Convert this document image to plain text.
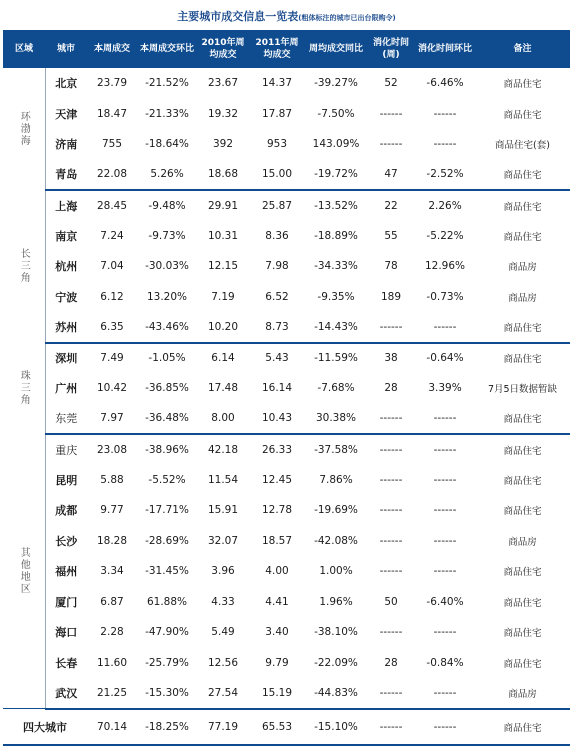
主要城市成交信息一览表(粗体标注的城市已出台限购令)
区域	城市	本周成交	本周成交环比	2010年周均成交	2011年周均成交	周均成交同比	消化时间(周)	消化时间环比	备注
环渤海	北京	23.79	-21.52%	23.67	14.37	-39.27%	52	-6.46%	商品住宅
	天津	18.47	-21.33%	19.32	17.87	-7.50%	------	------	商品住宅
	济南	755	-18.64%	392	953	143.09%	------	------	商品住宅(套)
	青岛	22.08	5.26%	18.68	15.00	-19.72%	47	-2.52%	商品住宅
长三角	上海	28.45	-9.48%	29.91	25.87	-13.52%	22	2.26%	商品住宅
	南京	7.24	-9.73%	10.31	8.36	-18.89%	55	-5.22%	商品住宅
	杭州	7.04	-30.03%	12.15	7.98	-34.33%	78	12.96%	商品房
	宁波	6.12	13.20%	7.19	6.52	-9.35%	189	-0.73%	商品房
	苏州	6.35	-43.46%	10.20	8.73	-14.43%	------	------	商品住宅
珠三角	深圳	7.49	-1.05%	6.14	5.43	-11.59%	38	-0.64%	商品住宅
	广州	10.42	-36.85%	17.48	16.14	-7.68%	28	3.39%	7月5日数据暂缺
	东莞	7.97	-36.48%	8.00	10.43	30.38%	------	------	商品住宅
其他地区	重庆	23.08	-38.96%	42.18	26.33	-37.58%	------	------	商品住宅
	昆明	5.88	-5.52%	11.54	12.45	7.86%	------	------	商品住宅
	成都	9.77	-17.71%	15.91	12.78	-19.69%	------	------	商品住宅
	长沙	18.28	-28.69%	32.07	18.57	-42.08%	------	------	商品房
	福州	3.34	-31.45%	3.96	4.00	1.00%	------	------	商品住宅
	厦门	6.87	61.88%	4.33	4.41	1.96%	50	-6.40%	商品住宅
	海口	2.28	-47.90%	5.49	3.40	-38.10%	------	------	商品住宅
	长春	11.60	-25.79%	12.56	9.79	-22.09%	28	-0.84%	商品住宅
	武汉	21.25	-15.30%	27.54	15.19	-44.83%	------	------	商品房
四大城市		70.14	-18.25%	77.19	65.53	-15.10%	------	------	商品住宅
